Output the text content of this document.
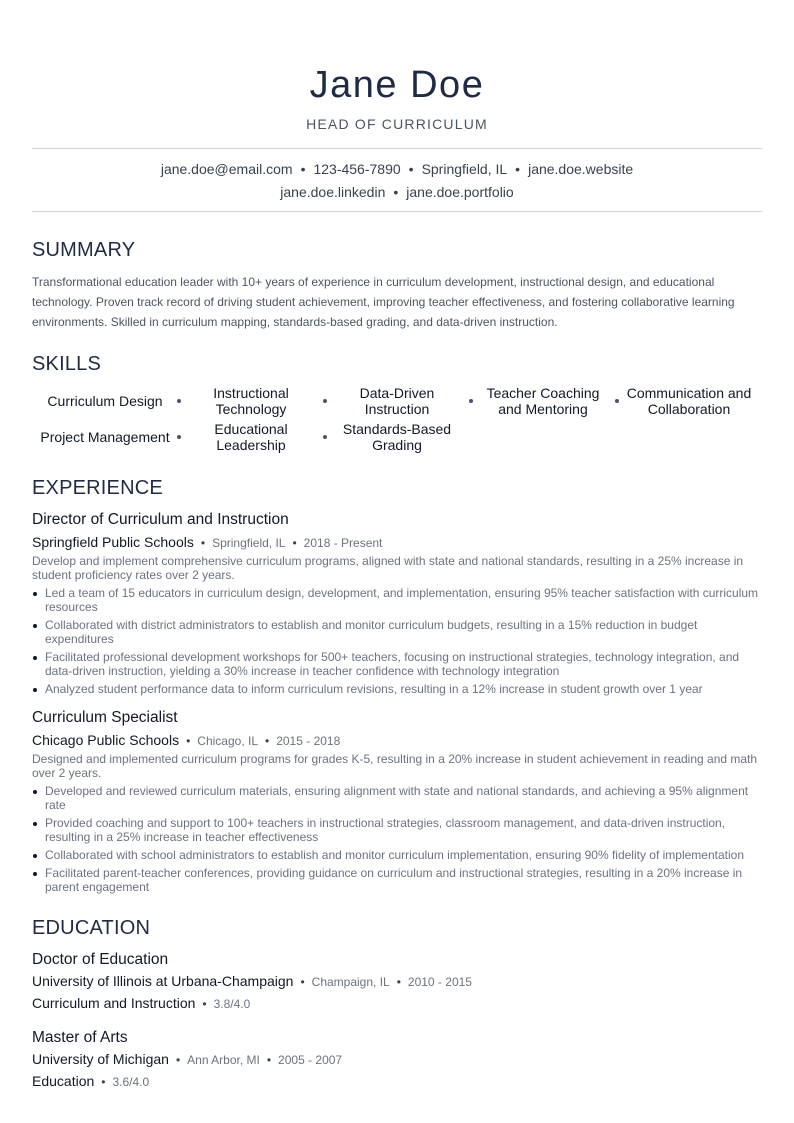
Jane Doe
HEAD OF CURRICULUM
jane.doe@email.com • 123-456-7890 • Springfield, IL • jane.doe.website
jane.doe.linkedin • jane.doe.portfolio
SUMMARY

Transformational education leader with 10+ years of experience in curriculum development, instructional design, and educational technology. Proven track record of driving student achievement, improving teacher effectiveness, and fostering collaborative learning environments. Skilled in curriculum mapping, standards-based grading, and data-driven instruction.

SKILLS
Curriculum Design	Instructional Technology
Data-Driven Instruction
Teacher Coaching and Mentoring
Communication and Collaboration
Project Management	Educational Leadership
Standards-Based Grading
EXPERIENCE
Director of Curriculum and Instruction
Springfield Public Schools • Springfield, IL • 2018 - Present

Develop and implement comprehensive curriculum programs, aligned with state and national standards, resulting in a 25% increase in student proficiency rates over 2 years.

Led a team of 15 educators in curriculum design, development, and implementation, ensuring 95% teacher satisfaction with curriculum resources
Collaborated with district administrators to establish and monitor curriculum budgets, resulting in a 15% reduction in budget expenditures
Facilitated professional development workshops for 500+ teachers, focusing on instructional strategies, technology integration, and data-driven instruction, yielding a 30% increase in teacher confidence with technology integration
Analyzed student performance data to inform curriculum revisions, resulting in a 12% increase in student growth over 1 year
Curriculum Specialist
Chicago Public Schools • Chicago, IL • 2015 - 2018

Designed and implemented curriculum programs for grades K-5, resulting in a 20% increase in student achievement in reading and math over 2 years.

Developed and reviewed curriculum materials, ensuring alignment with state and national standards, and achieving a 95% alignment rate
Provided coaching and support to 100+ teachers in instructional strategies, classroom management, and data-driven instruction, resulting in a 25% increase in teacher effectiveness
Collaborated with school administrators to establish and monitor curriculum implementation, ensuring 90% fidelity of implementation
Facilitated parent-teacher conferences, providing guidance on curriculum and instructional strategies, resulting in a 20% increase in parent engagement
EDUCATION
Doctor of Education
University of Illinois at Urbana-Champaign • Champaign, IL • 2010 - 2015
Curriculum and Instruction • 3.8/4.0
Master of Arts
University of Michigan • Ann Arbor, MI • 2005 - 2007
Education • 3.6/4.0
